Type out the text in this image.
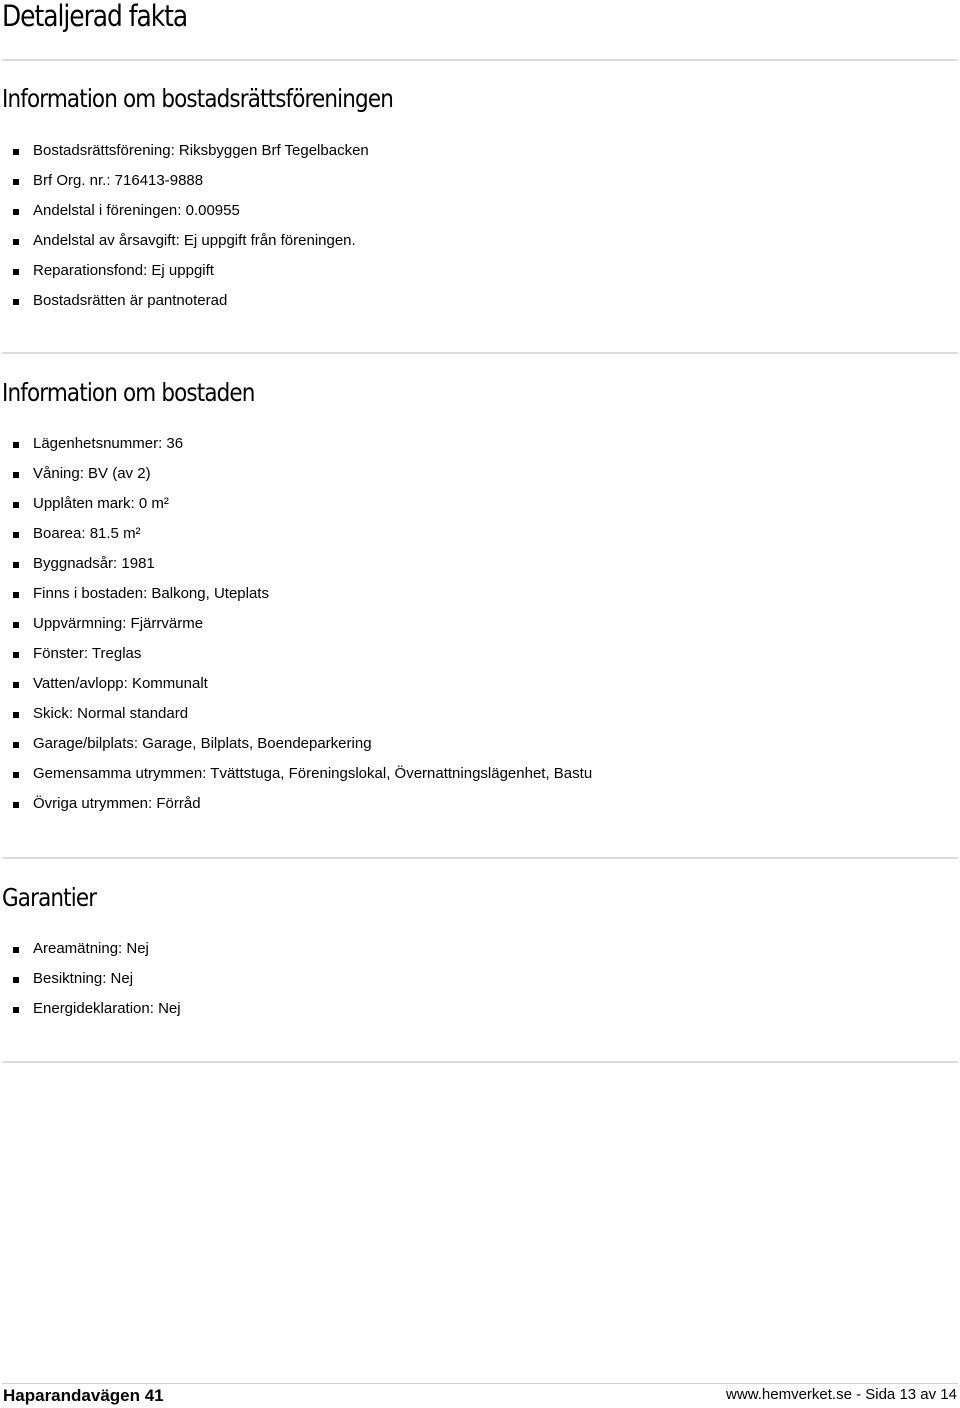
Detaljerad fakta
Information om bostadsrättsföreningen
Bostadsrättsförening: Riksbyggen Brf Tegelbacken
Brf Org. nr.: 716413-9888
Andelstal i föreningen: 0.00955
Andelstal av årsavgift: Ej uppgift från föreningen.
Reparationsfond: Ej uppgift
Bostadsrätten är pantnoterad
Information om bostaden
Lägenhetsnummer: 36
Våning: BV (av 2)
Upplåten mark: 0 m²
Boarea: 81.5 m²
Byggnadsår: 1981
Finns i bostaden: Balkong, Uteplats
Uppvärmning: Fjärrvärme
Fönster: Treglas
Vatten/avlopp: Kommunalt
Skick: Normal standard
Garage/bilplats: Garage, Bilplats, Boendeparkering
Gemensamma utrymmen: Tvättstuga, Föreningslokal, Övernattningslägenhet, Bastu
Övriga utrymmen: Förråd
Garantier
Areamätning: Nej
Besiktning: Nej
Energideklaration: Nej
Haparandavägen 41	www.hemverket.se - Sida 13 av 14
